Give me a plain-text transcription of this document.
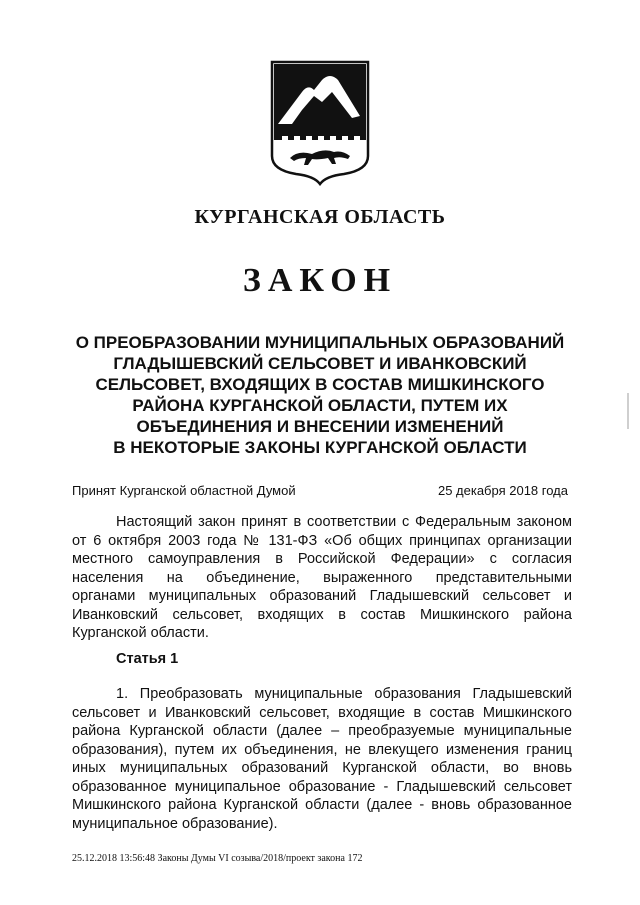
КУРГАНСКАЯ ОБЛАСТЬ
ЗАКОН
О ПРЕОБРАЗОВАНИИ МУНИЦИПАЛЬНЫХ ОБРАЗОВАНИЙ
ГЛАДЫШЕВСКИЙ СЕЛЬСОВЕТ И ИВАНКОВСКИЙ
СЕЛЬСОВЕТ, ВХОДЯЩИХ В СОСТАВ МИШКИНСКОГО
РАЙОНА КУРГАНСКОЙ ОБЛАСТИ, ПУТЕМ ИХ
ОБЪЕДИНЕНИЯ И ВНЕСЕНИИ ИЗМЕНЕНИЙ
В НЕКОТОРЫЕ ЗАКОНЫ КУРГАНСКОЙ ОБЛАСТИ
Принят Курганской областной Думой	25 декабря 2018 года
Настоящий закон принят в соответствии с Федеральным законом
от 6 октября 2003 года № 131-ФЗ «Об общих принципах организации
местного самоуправления в Российской Федерации» с согласия
населения на объединение, выраженного представительными
органами муниципальных образований Гладышевский сельсовет и
Иванковский сельсовет, входящих в состав Мишкинского района
Курганской области.
Статья 1
1. Преобразовать муниципальные образования Гладышевский
сельсовет и Иванковский сельсовет, входящие в состав Мишкинского
района Курганской области (далее – преобразуемые муниципальные
образования), путем их объединения, не влекущего изменения границ
иных муниципальных образований Курганской области, во вновь
образованное муниципальное образование - Гладышевский сельсовет
Мишкинского района Курганской области (далее - вновь образованное
муниципальное образование).
25.12.2018 13:56:48 Законы Думы VI созыва/2018/проект закона 172
